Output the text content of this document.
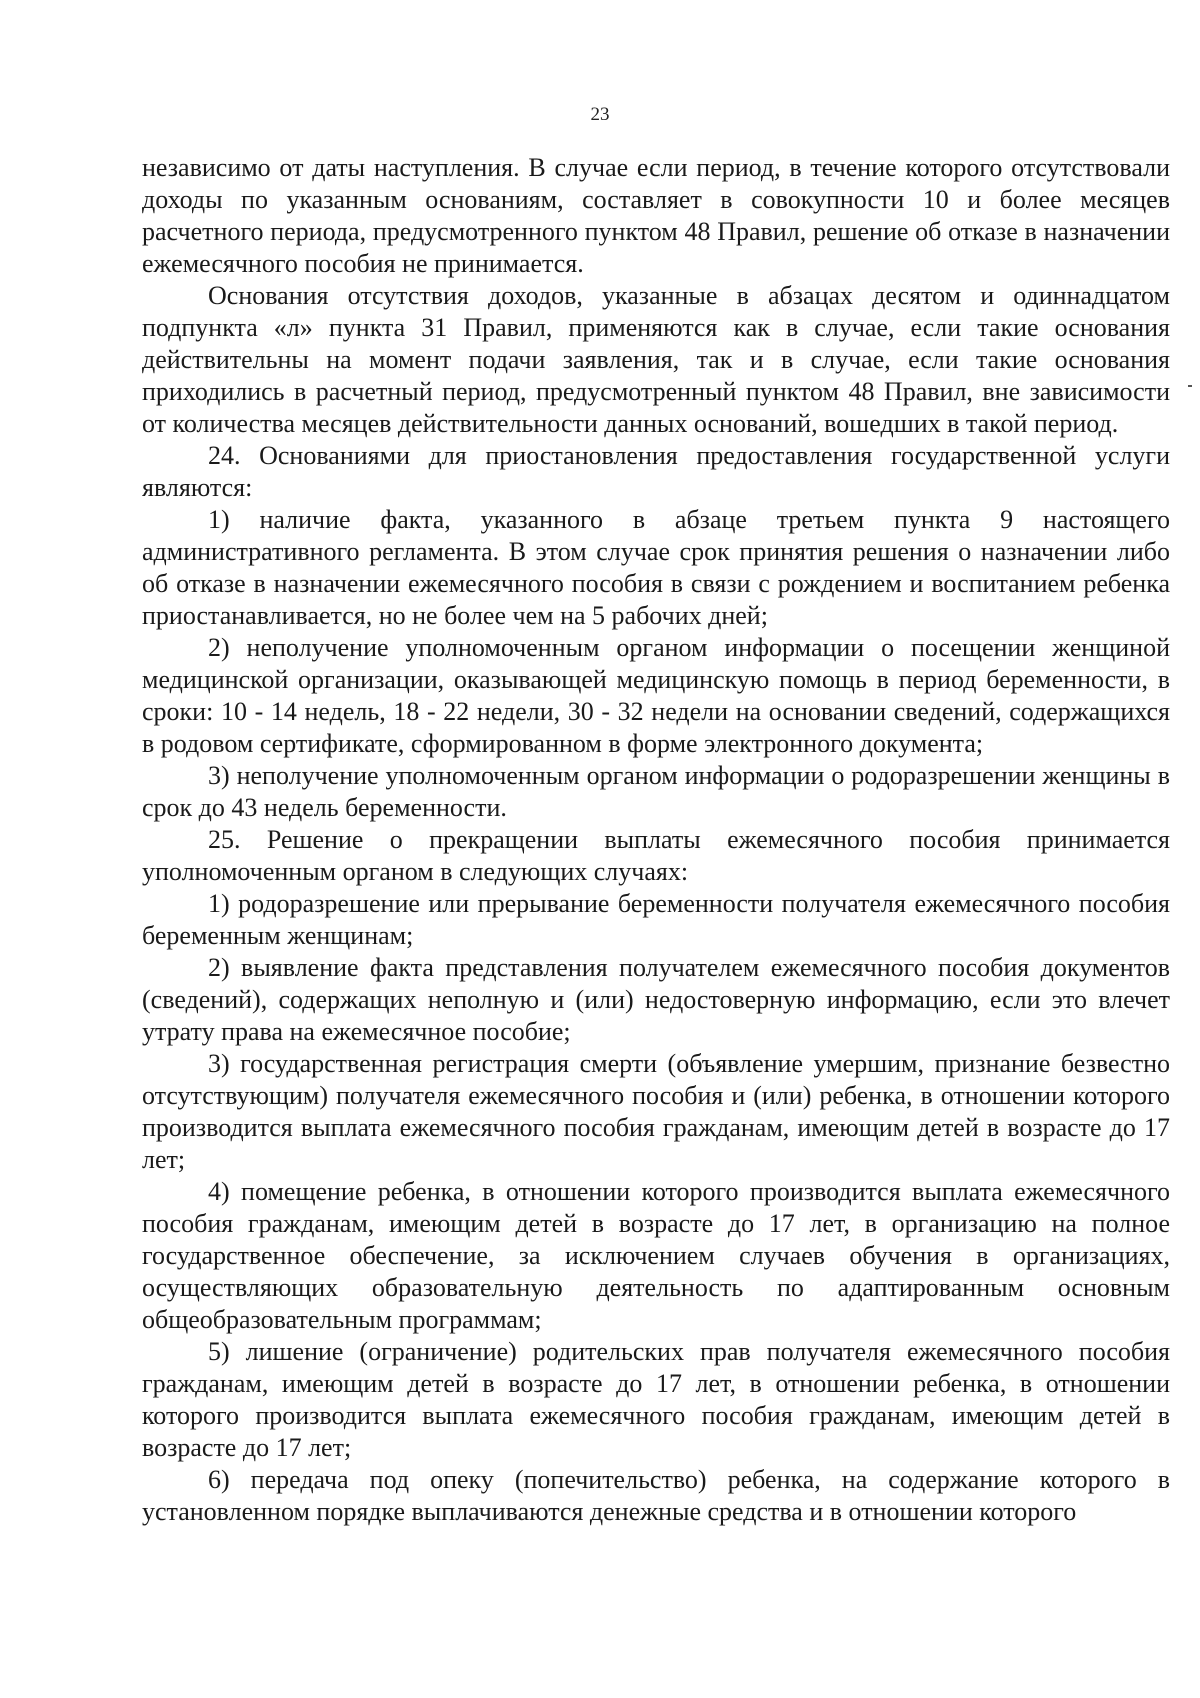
23

независимо от даты наступления. В случае если период, в течение которого отсутствовали доходы по указанным основаниям, составляет в совокупности 10 и более месяцев расчетного периода, предусмотренного пунктом 48 Правил, решение об отказе в назначении ежемесячного пособия не принимается.

Основания отсутствия доходов, указанные в абзацах десятом и одиннадцатом подпункта «л» пункта 31 Правил, применяются как в случае, если такие основания действительны на момент подачи заявления, так и в случае, если такие основания приходились в расчетный период, предусмотренный пунктом 48 Правил, вне зависимости от количества месяцев действительности данных оснований, вошедших в такой период.

24. Основаниями для приостановления предоставления государственной услуги являются:

1) наличие факта, указанного в абзаце третьем пункта 9 настоящего административного регламента. В этом случае срок принятия решения о назначении либо об отказе в назначении ежемесячного пособия в связи с рождением и воспитанием ребенка приостанавливается, но не более чем на 5 рабочих дней;

2) неполучение уполномоченным органом информации о посещении женщиной медицинской организации, оказывающей медицинскую помощь в период беременности, в сроки: 10 - 14 недель, 18 - 22 недели, 30 - 32 недели на основании сведений, содержащихся в родовом сертификате, сформированном в форме электронного документа;

3) неполучение уполномоченным органом информации о родоразрешении женщины в срок до 43 недель беременности.

25. Решение о прекращении выплаты ежемесячного пособия принимается уполномоченным органом в следующих случаях:

1) родоразрешение или прерывание беременности получателя ежемесячного пособия беременным женщинам;

2) выявление факта представления получателем ежемесячного пособия документов (сведений), содержащих неполную и (или) недостоверную информацию, если это влечет утрату права на ежемесячное пособие;

3) государственная регистрация смерти (объявление умершим, признание безвестно отсутствующим) получателя ежемесячного пособия и (или) ребенка, в отношении которого производится выплата ежемесячного пособия гражданам, имеющим детей в возрасте до 17 лет;

4) помещение ребенка, в отношении которого производится выплата ежемесячного пособия гражданам, имеющим детей в возрасте до 17 лет, в организацию на полное государственное обеспечение, за исключением случаев обучения в организациях, осуществляющих образовательную деятельность по адаптированным основным общеобразовательным программам;

5) лишение (ограничение) родительских прав получателя ежемесячного пособия гражданам, имеющим детей в возрасте до 17 лет, в отношении ребенка, в отношении которого производится выплата ежемесячного пособия гражданам, имеющим детей в возрасте до 17 лет;

6) передача под опеку (попечительство) ребенка, на содержание которого в установленном порядке выплачиваются денежные средства и в отношении которого
